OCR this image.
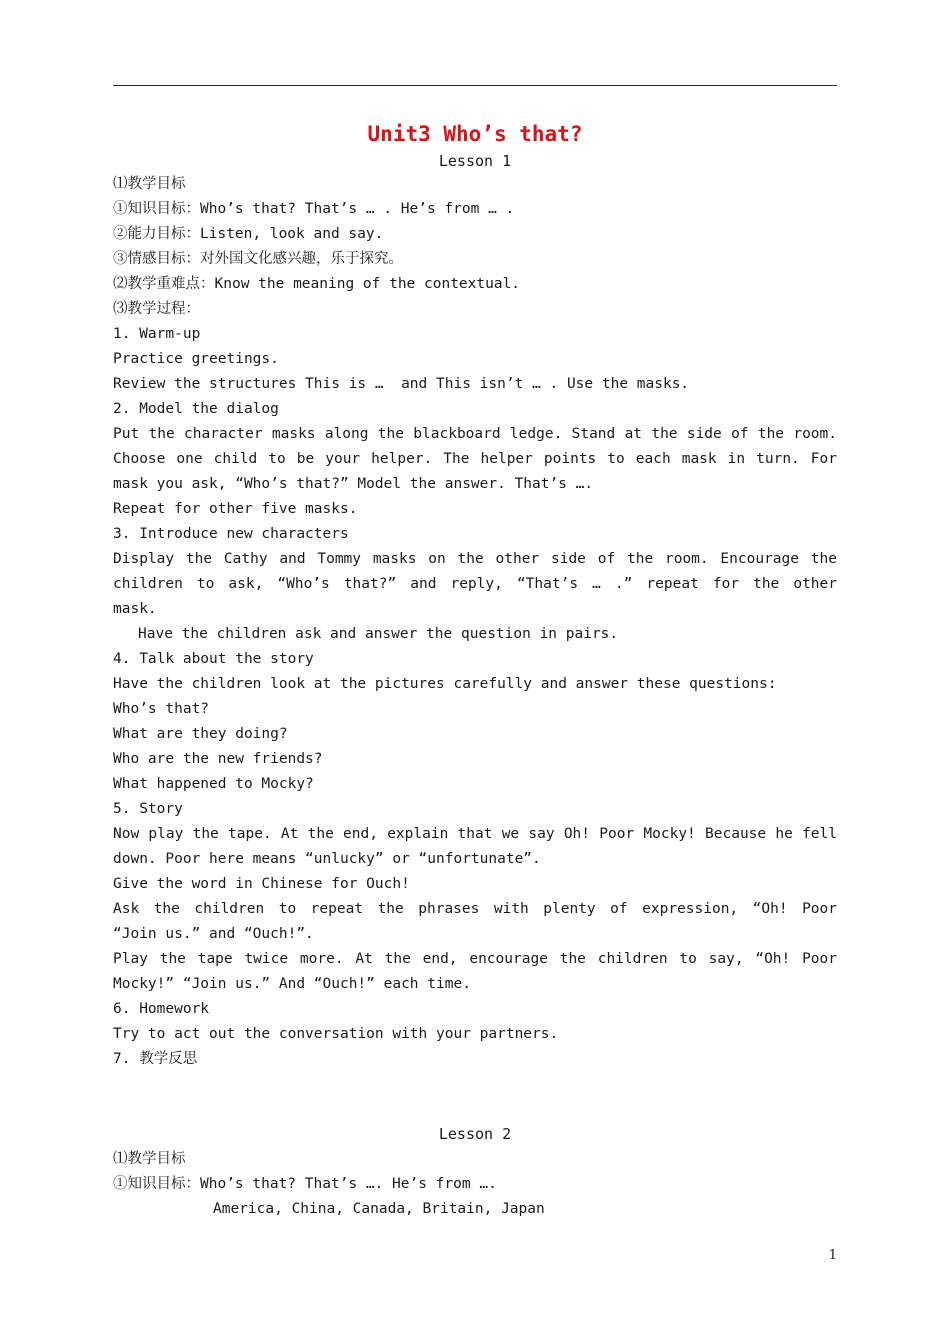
Unit3 Who’s that?
Lesson 1
⑴教学目标
①知识目标：Who’s that? That’s … . He’s from … .
②能力目标：Listen, look and say.
③情感目标：对外国文化感兴趣，乐于探究。
⑵教学重难点：Know the meaning of the contextual.
⑶教学过程：
1. Warm-up
Practice greetings.
Review the structures This is …  and This isn’t … . Use the masks.
2. Model the dialog
Put the character masks along the blackboard ledge. Stand at the side of the room.
Choose one child to be your helper. The helper points to each mask in turn. For
mask you ask, “Who’s that?” Model the answer. That’s ….
Repeat for other five masks.
3. Introduce new characters
Display the Cathy and Tommy masks on the other side of the room. Encourage the
children to ask, “Who’s that?” and reply, “That’s … .” repeat for the other
mask.
Have the children ask and answer the question in pairs.
4. Talk about the story
Have the children look at the pictures carefully and answer these questions:
Who’s that?
What are they doing?
Who are the new friends?
What happened to Mocky?
5. Story
Now play the tape. At the end, explain that we say Oh! Poor Mocky! Because he fell
down. Poor here means “unlucky” or “unfortunate”.
Give the word in Chinese for Ouch!
Ask the children to repeat the phrases with plenty of expression, “Oh! Poor
“Join us.” and “Ouch!”.
Play the tape twice more. At the end, encourage the children to say, “Oh! Poor
Mocky!” “Join us.” And “Ouch!” each time.
6. Homework
Try to act out the conversation with your partners.
7. 教学反思
Lesson 2
⑴教学目标
①知识目标：Who’s that? That’s …. He’s from ….
America, China, Canada, Britain, Japan
1
